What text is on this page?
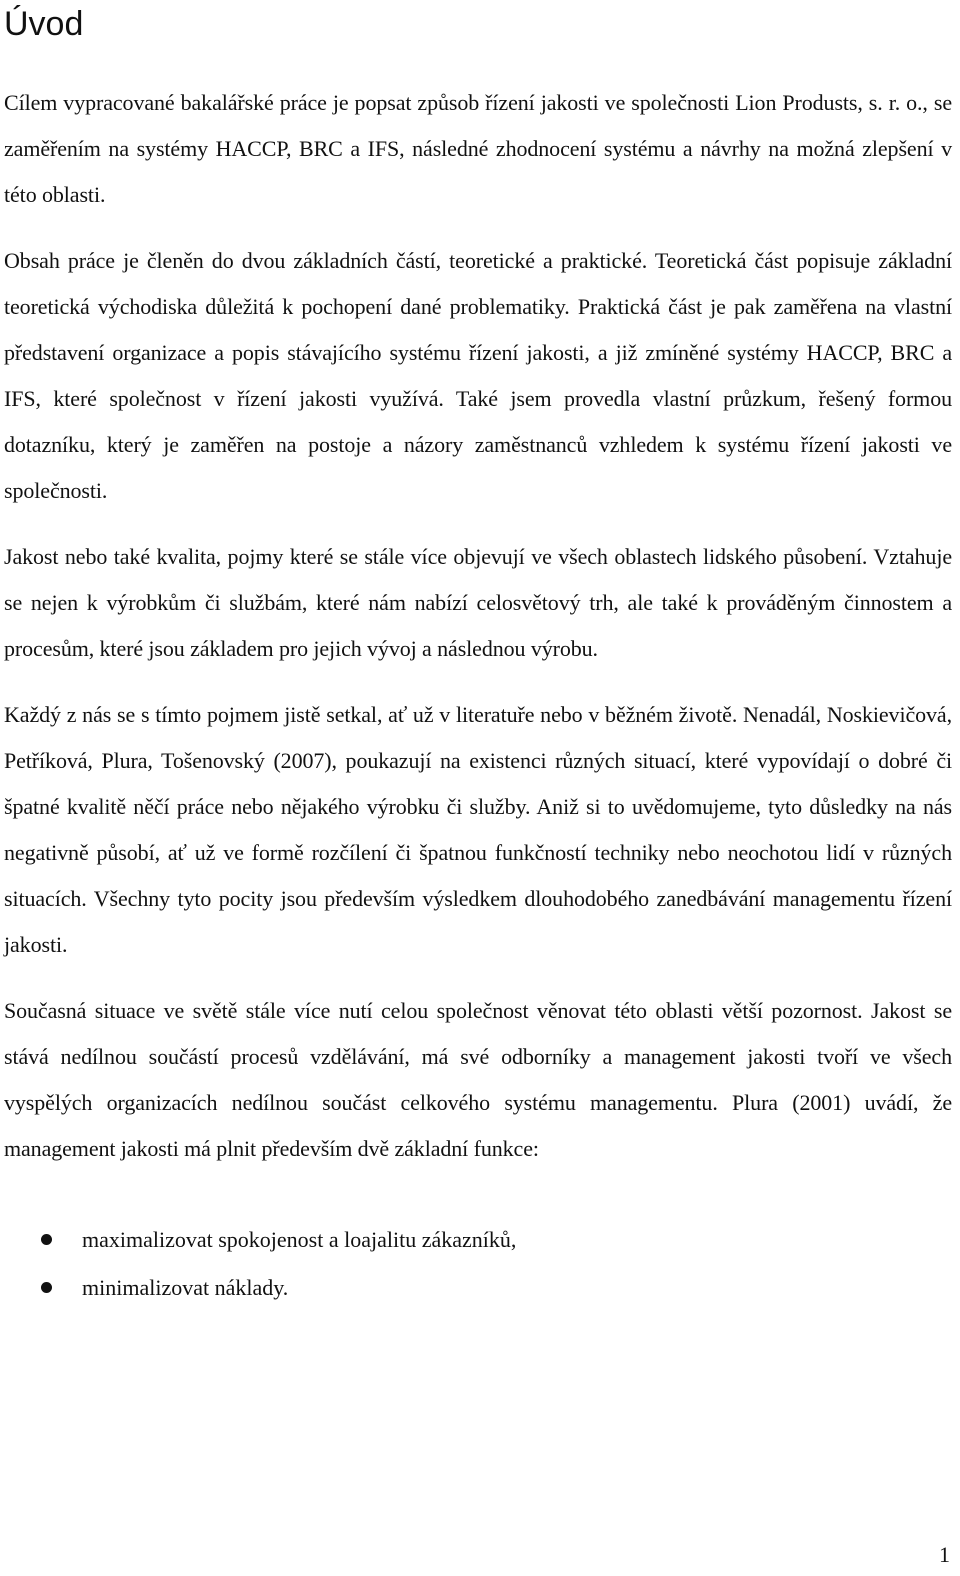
Úvod

Cílem vypracované bakalářské práce je popsat způsob řízení jakosti ve společnosti Lion Produsts, s. r. o., se zaměřením na systémy HACCP, BRC a IFS, následné zhodnocení systému a návrhy na možná zlepšení v této oblasti.

Obsah práce je členěn do dvou základních částí, teoretické a praktické. Teoretická část popisuje základní teoretická východiska důležitá k pochopení dané problematiky. Praktická část je pak zaměřena na vlastní představení organizace a popis stávajícího systému řízení jakosti, a již zmíněné systémy HACCP, BRC a IFS, které společnost v řízení jakosti využívá. Také jsem provedla vlastní průzkum, řešený formou dotazníku, který je zaměřen na postoje a názory zaměstnanců vzhledem k systému řízení jakosti ve společnosti.

Jakost nebo také kvalita, pojmy které se stále více objevují ve všech oblastech lidského působení. Vztahuje se nejen k výrobkům či službám, které nám nabízí celosvětový trh, ale také k prováděným činnostem a procesům, které jsou základem pro jejich vývoj a následnou výrobu.

Každý z nás se s tímto pojmem jistě setkal, ať už v literatuře nebo v běžném životě. Nenadál, Noskievičová, Petříková, Plura, Tošenovský (2007), poukazují na existenci různých situací, které vypovídají o dobré či špatné kvalitě něčí práce nebo nějakého výrobku či služby. Aniž si to uvědomujeme, tyto důsledky na nás negativně působí, ať už ve formě rozčílení či špatnou funkčností techniky nebo neochotou lidí v různých situacích. Všechny tyto pocity jsou především výsledkem dlouhodobého zanedbávání managementu řízení jakosti.

Současná situace ve světě stále více nutí celou společnost věnovat této oblasti větší pozornost. Jakost se stává nedílnou součástí procesů vzdělávání, má své odborníky a management jakosti tvoří ve všech vyspělých organizacích nedílnou součást celkového systému managementu. Plura (2001) uvádí, že management jakosti má plnit především dvě základní funkce:

maximalizovat spokojenost a loajalitu zákazníků,
minimalizovat náklady.
1
